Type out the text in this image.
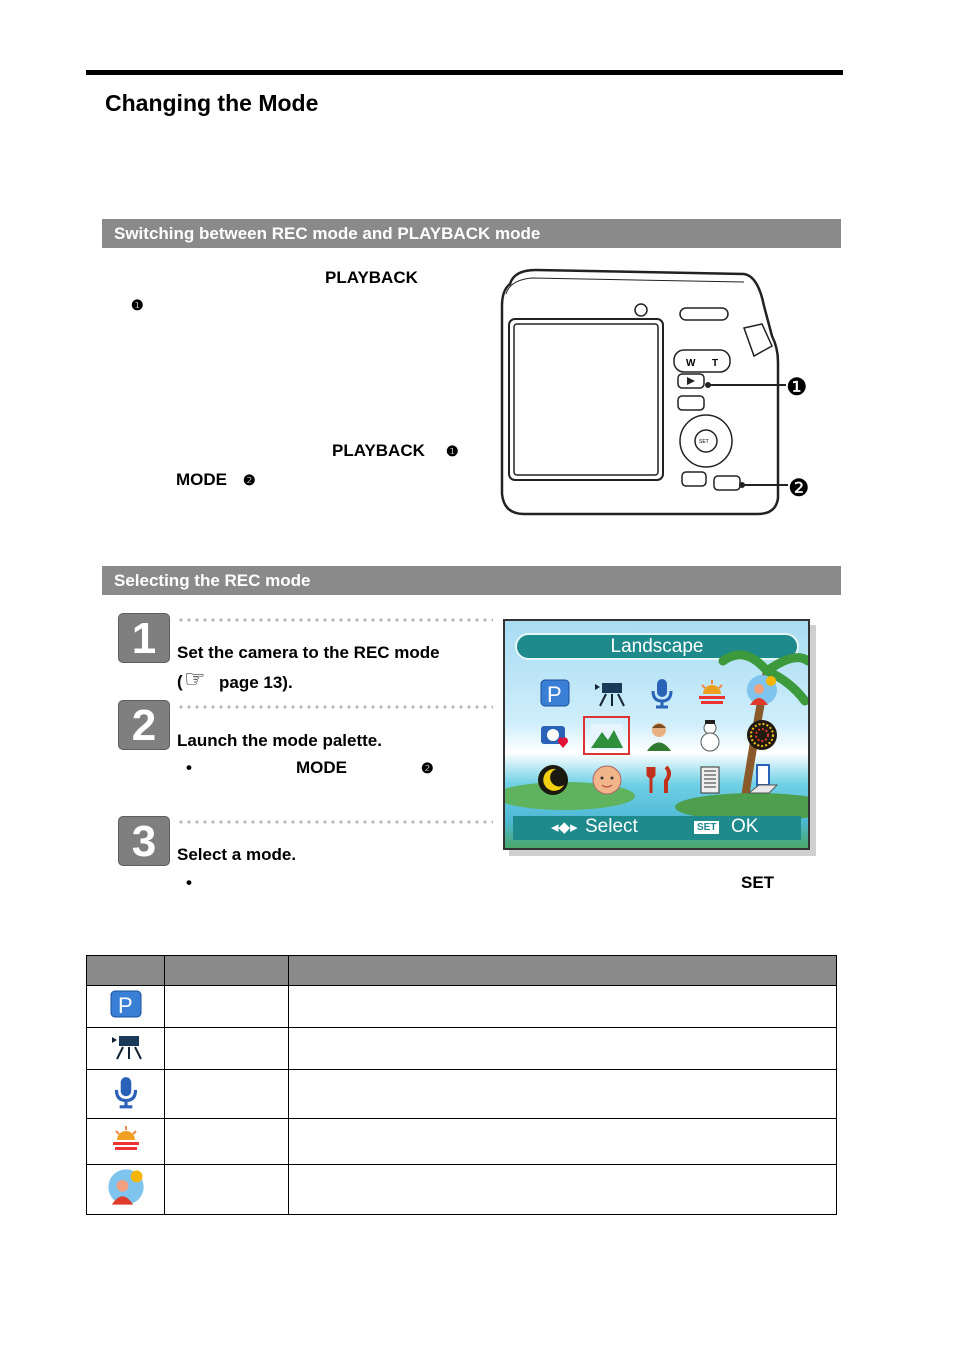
Changing the Mode
Switching between REC mode and PLAYBACK mode
PLAYBACK
❶
PLAYBACK ❶
MODE ❷
W T
SET
❶
❷
Selecting the REC mode
1	Set the camera to the REC mode
( ☞ page 13).
2	Launch the mode palette.
•	MODE	❷
3	Select a mode.
•	SET
Landscape
P
◂◆▸ Select	SET OK

P		
